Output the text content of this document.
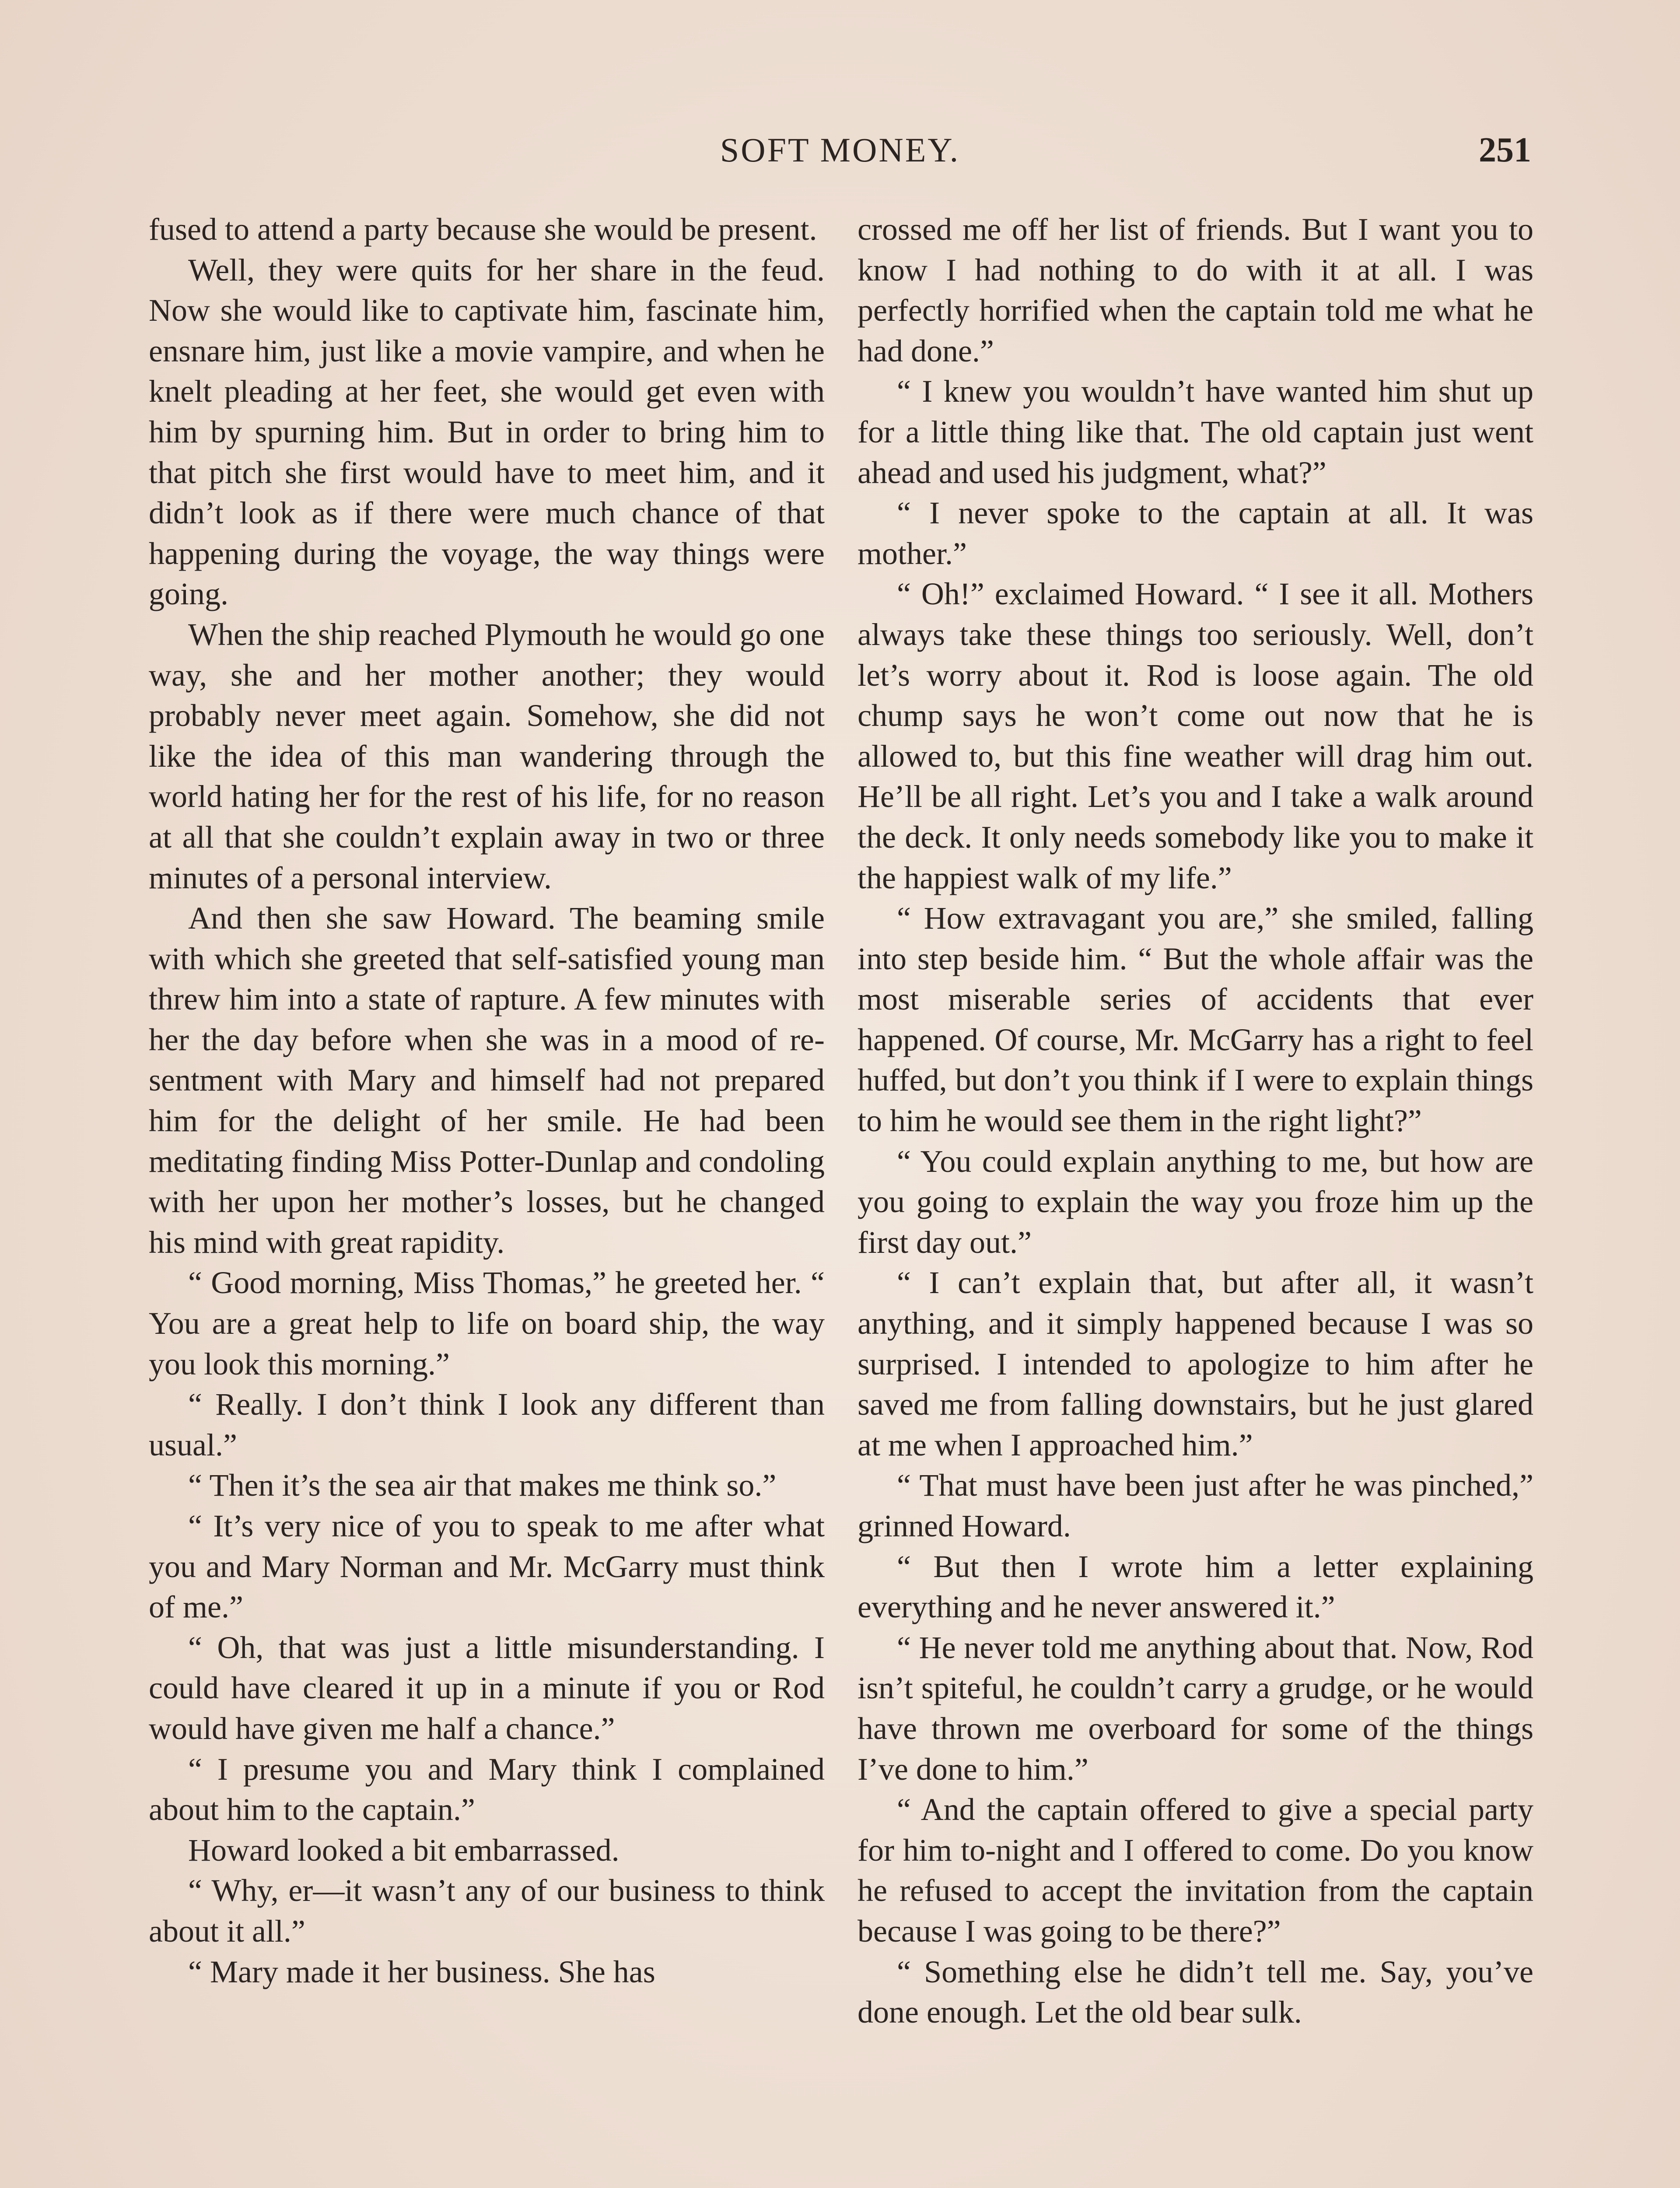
SOFT MONEY.	251

fused to attend a party because she would be present.

Well, they were quits for her share in the feud. Now she would like to captivate him, fascinate him, ensnare him, just like a movie vampire, and when he knelt pleading at her feet, she would get even with him by spurning him. But in order to bring him to that pitch she first would have to meet him, and it didn’t look as if there were much chance of that happening during the voyage, the way things were going.

When the ship reached Plymouth he would go one way, she and her mother another; they would probably never meet again. Somehow, she did not like the idea of this man wandering through the world hating her for the rest of his life, for no reason at all that she couldn’t explain away in two or three minutes of a personal interview.

And then she saw Howard. The beaming smile with which she greeted that self-satisfied young man threw him into a state of rapture. A few minutes with her the day before when she was in a mood of resentment with Mary and himself had not prepared him for the delight of her smile. He had been meditating finding Miss Potter-Dunlap and condoling with her upon her mother’s losses, but he changed his mind with great rapidity.

“ Good morning, Miss Thomas,” he greeted her. “ You are a great help to life on board ship, the way you look this morning.”

“ Really. I don’t think I look any different than usual.”

“ Then it’s the sea air that makes me think so.”

“ It’s very nice of you to speak to me after what you and Mary Norman and Mr. McGarry must think of me.”

“ Oh, that was just a little misunderstanding. I could have cleared it up in a minute if you or Rod would have given me half a chance.”

“ I presume you and Mary think I complained about him to the captain.”

Howard looked a bit embarrassed.

“ Why, er—it wasn’t any of our business to think about it all.”

“ Mary made it her business. She has

crossed me off her list of friends. But I want you to know I had nothing to do with it at all. I was perfectly horrified when the captain told me what he had done.”

“ I knew you wouldn’t have wanted him shut up for a little thing like that. The old captain just went ahead and used his judgment, what?”

“ I never spoke to the captain at all. It was mother.”

“ Oh!” exclaimed Howard. “ I see it all. Mothers always take these things too seriously. Well, don’t let’s worry about it. Rod is loose again. The old chump says he won’t come out now that he is allowed to, but this fine weather will drag him out. He’ll be all right. Let’s you and I take a walk around the deck. It only needs somebody like you to make it the happiest walk of my life.”

“ How extravagant you are,” she smiled, falling into step beside him. “ But the whole affair was the most miserable series of accidents that ever happened. Of course, Mr. McGarry has a right to feel huffed, but don’t you think if I were to explain things to him he would see them in the right light?”

“ You could explain anything to me, but how are you going to explain the way you froze him up the first day out.”

“ I can’t explain that, but after all, it wasn’t anything, and it simply happened because I was so surprised. I intended to apologize to him after he saved me from falling downstairs, but he just glared at me when I approached him.”

“ That must have been just after he was pinched,” grinned Howard.

“ But then I wrote him a letter explaining everything and he never answered it.”

“ He never told me anything about that. Now, Rod isn’t spiteful, he couldn’t carry a grudge, or he would have thrown me overboard for some of the things I’ve done to him.”

“ And the captain offered to give a special party for him to-night and I offered to come. Do you know he refused to accept the invitation from the captain because I was going to be there?”

“ Something else he didn’t tell me. Say, you’ve done enough. Let the old bear sulk.
